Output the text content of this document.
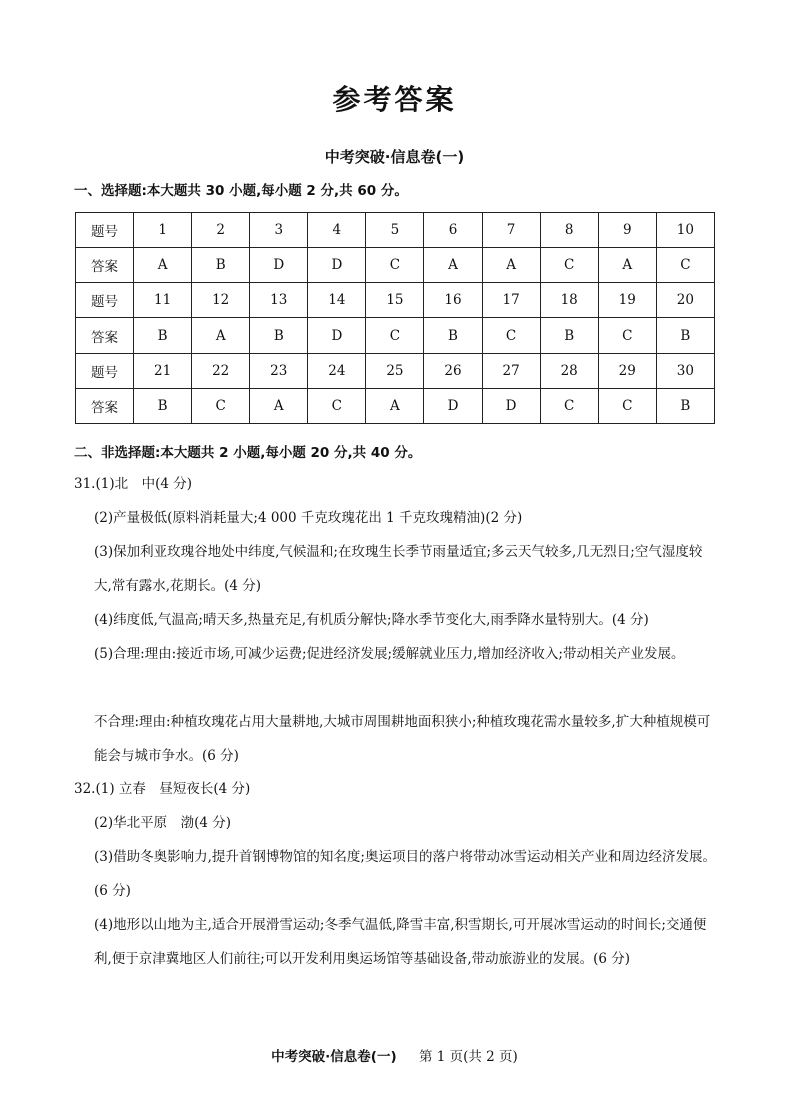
参考答案
中考突破·信息卷(一)
一、选择题:本大题共 30 小题,每小题 2 分,共 60 分。
题号	1	2	3	4	5	6	7	8	9	10
答案	A	B	D	D	C	A	A	C	A	C
题号	11	12	13	14	15	16	17	18	19	20
答案	B	A	B	D	C	B	C	B	C	B
题号	21	22	23	24	25	26	27	28	29	30
答案	B	C	A	C	A	D	D	C	C	B
二、非选择题:本大题共 2 小题,每小题 20 分,共 40 分。
31.(1)北　中(4 分)
(2)产量极低(原料消耗量大;4 000 千克玫瑰花出 1 千克玫瑰精油)(2 分)
(3)保加利亚玫瑰谷地处中纬度,气候温和;在玫瑰生长季节雨量适宜;多云天气较多,几无烈日;空气湿度较大,常有露水,花期长。(4 分)
(4)纬度低,气温高;晴天多,热量充足,有机质分解快;降水季节变化大,雨季降水量特别大。(4 分)
(5)合理:理由:接近市场,可减少运费;促进经济发展;缓解就业压力,增加经济收入;带动相关产业发展。
不合理:理由:种植玫瑰花占用大量耕地,大城市周围耕地面积狭小;种植玫瑰花需水量较多,扩大种植规模可能会与城市争水。(6 分)
32.(1) 立春　昼短夜长(4 分)
(2)华北平原　渤(4 分)
(3)借助冬奥影响力,提升首钢博物馆的知名度;奥运项目的落户将带动冰雪运动相关产业和周边经济发展。(6 分)
(4)地形以山地为主,适合开展滑雪运动;冬季气温低,降雪丰富,积雪期长,可开展冰雪运动的时间长;交通便利,便于京津冀地区人们前往;可以开发利用奥运场馆等基础设备,带动旅游业的发展。(6 分)
中考突破·信息卷(一) 第 1 页(共 2 页)
